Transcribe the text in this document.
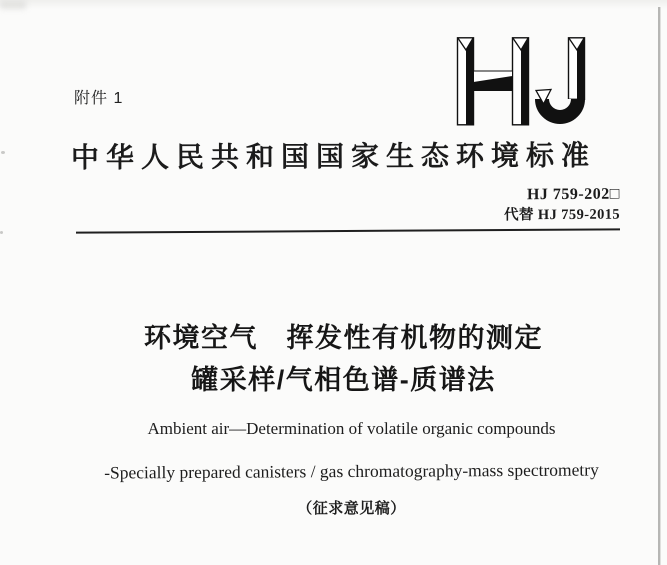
附件 1
中华人民共和国国家生态环境标准
HJ 759-202□
代替 HJ 759-2015
环境空气　挥发性有机物的测定
罐采样/气相色谱-质谱法

Ambient air—Determination of volatile organic compounds

-Specially prepared canisters / gas chromatography-mass spectrometry

（征求意见稿）
